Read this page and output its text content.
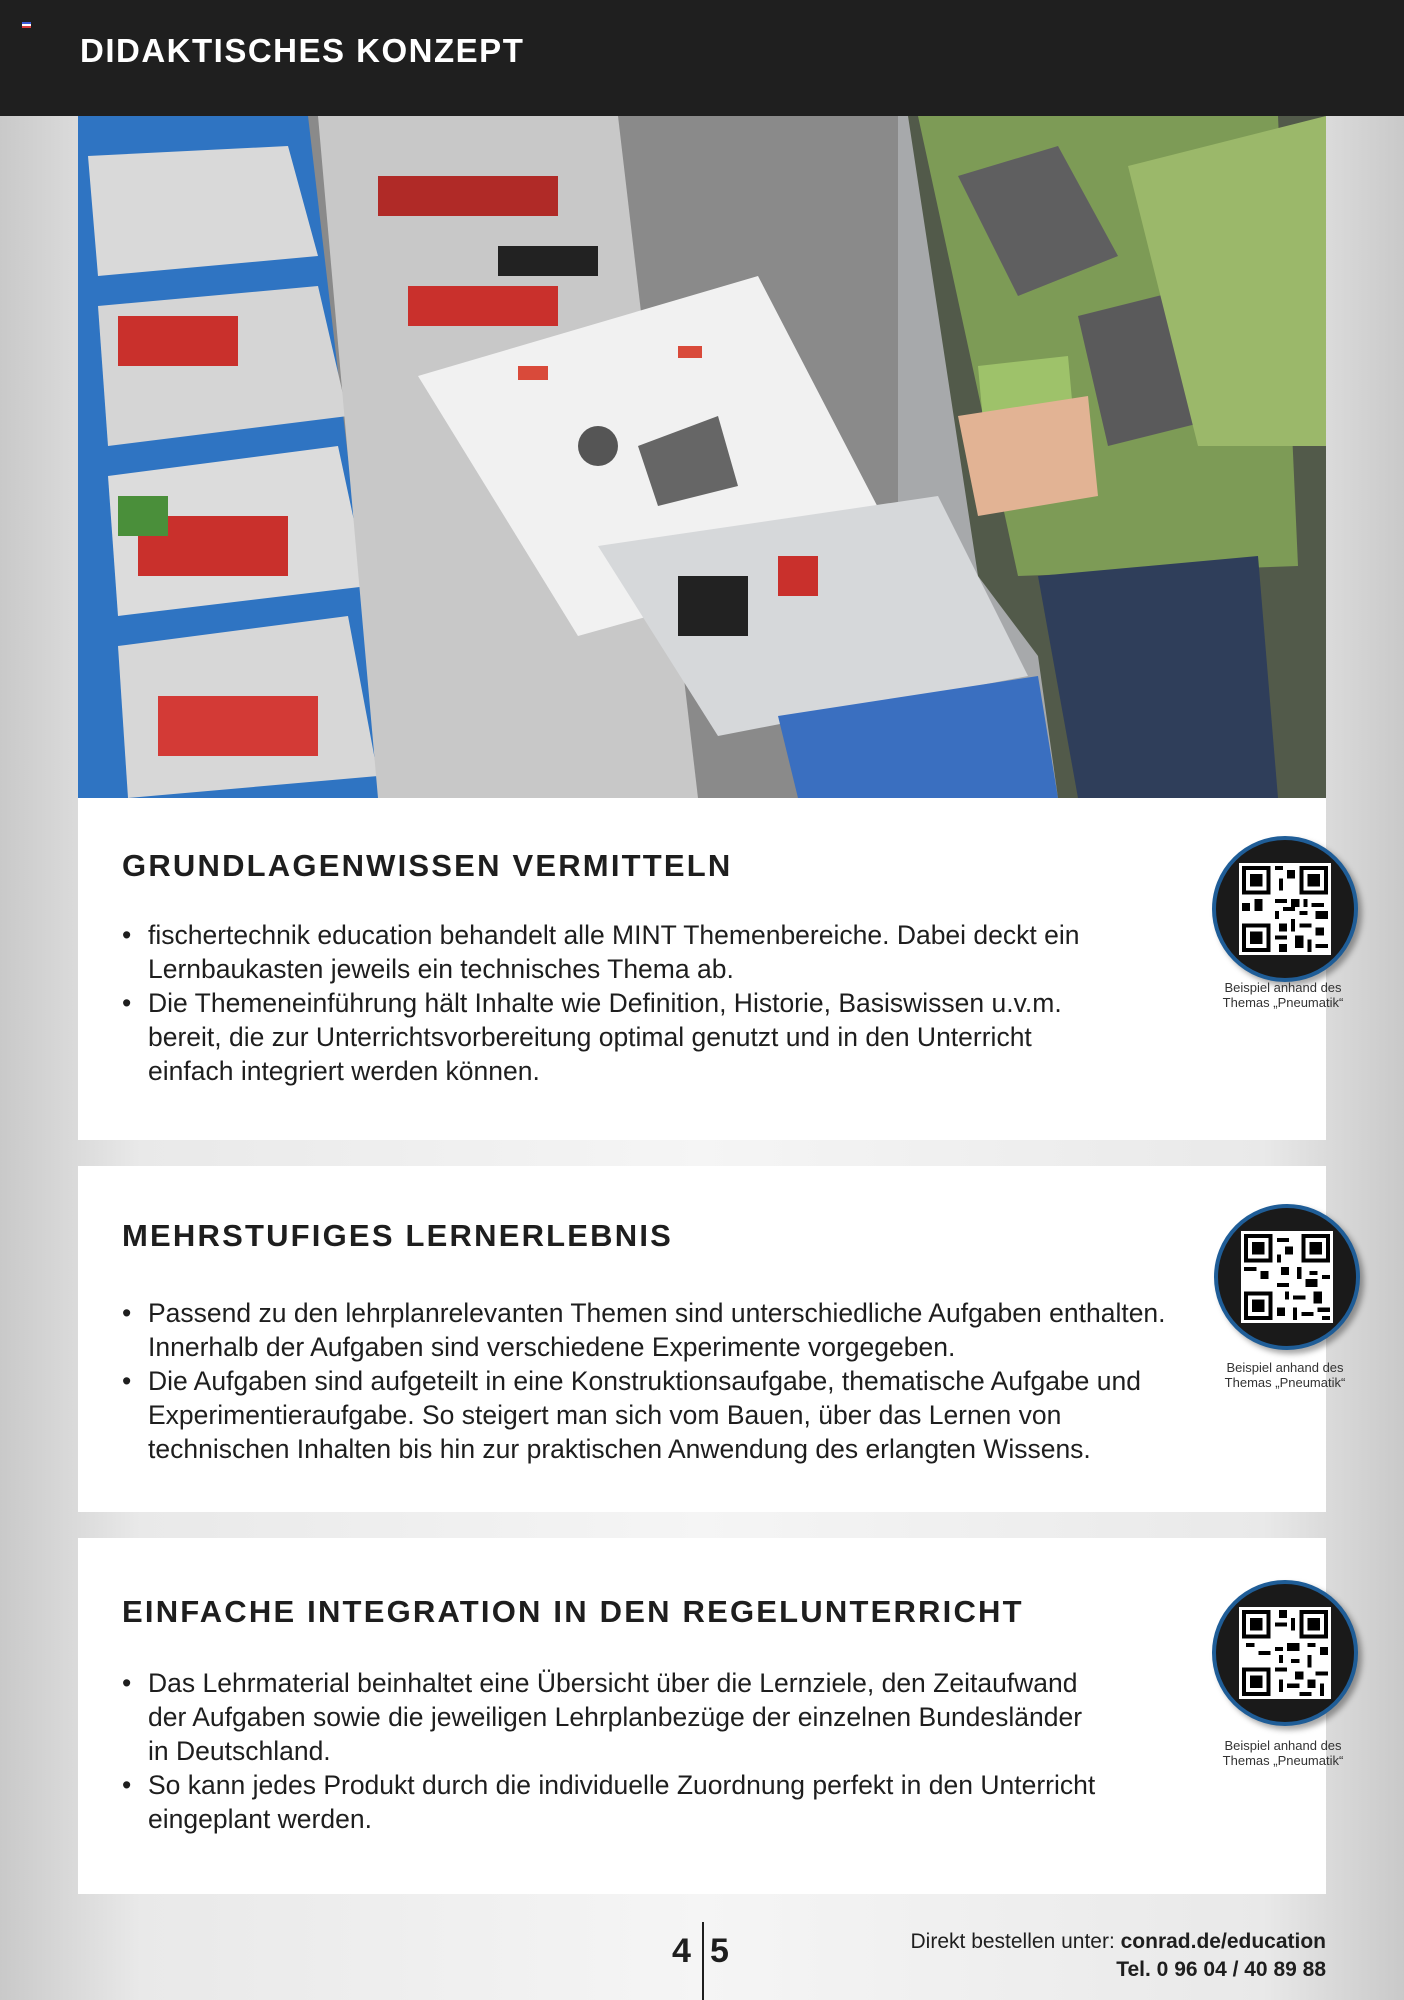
DIDAKTISCHES KONZEPT
GRUNDLAGENWISSEN VERMITTELN
• fischertechnik education behandelt alle MINT Themenbereiche. Dabei deckt ein Lernbaukasten jeweils ein technisches Thema ab.
• Die Themeneinführung hält Inhalte wie Definition, Historie, Basiswissen u.v.m. bereit, die zur Unterrichtsvorbereitung optimal genutzt und in den Unterricht einfach integriert werden können.
Beispiel anhand des
Themas „Pneumatik“
MEHRSTUFIGES LERNERLEBNIS
• Passend zu den lehrplanrelevanten Themen sind unterschiedliche Aufgaben enthalten. Innerhalb der Aufgaben sind verschiedene Experimente vorgegeben.
• Die Aufgaben sind aufgeteilt in eine Konstruktionsaufgabe, thematische Aufgabe und Experimentieraufgabe. So steigert man sich vom Bauen, über das Lernen von technischen Inhalten bis hin zur praktischen Anwendung des erlangten Wissens.
Beispiel anhand des
Themas „Pneumatik“
EINFACHE INTEGRATION IN DEN REGELUNTERRICHT
• Das Lehrmaterial beinhaltet eine Übersicht über die Lernziele, den Zeitaufwand der Aufgaben sowie die jeweiligen Lehrplanbezüge der einzelnen Bundesländer in Deutschland.
• So kann jedes Produkt durch die individuelle Zuordnung perfekt in den Unterricht eingeplant werden.
Beispiel anhand des
Themas „Pneumatik“
4 5	Direkt bestellen unter: conrad.de/education
Tel. 0 96 04 / 40 89 88
